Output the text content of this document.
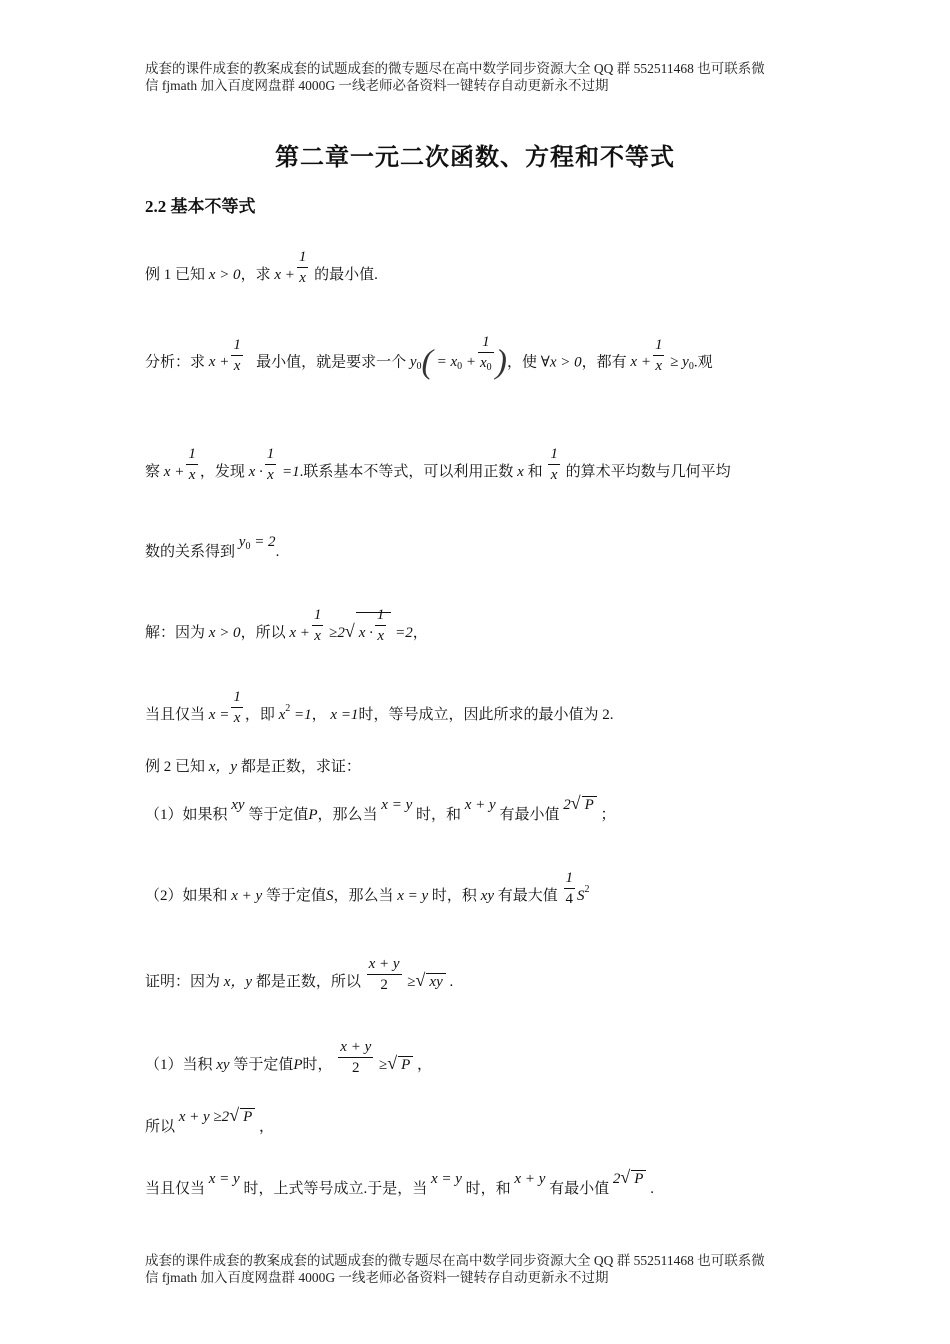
成套的课件成套的教案成套的试题成套的微专题尽在高中数学同步资源大全 QQ 群 552511468 也可联系微
信 fjmath 加入百度网盘群 4000G 一线老师必备资料一键转存自动更新永不过期
第二章一元二次函数、方程和不等式
2.2 基本不等式
例 1 已知 x > 0，求 $x + \frac{1}{x}$ 的最小值.
分析：求 $x + \frac{1}{x}$ 最小值，就是要求一个 $y_0( = x_0 + \frac{1}{x_0}$ )，使 ∀x > 0，都有 $x + \frac{1}{x} \ge y_0$.观
察 $x + \frac{1}{x}$ ，发现 $x \cdot \frac{1}{x} =1$.联系基本不等式，可以利用正数 x 和 $\frac{1}{x}$ 的算术平均数与几何平均
数的关系得到 $y_0 = 2$.
解：因为 x > 0，所以 $x + \frac{1}{x} \ge 2√$ $x \cdot \frac{1}{x} =2$，
当且仅当 $x = \frac{1}{x}$ ，即 $x^2 =1$， x =1时，等号成立，因此所求的最小值为 2.
例 2 已知 x，y 都是正数，求证：
（1）如果积 xy 等于定值P，那么当 x = y 时，和 x + y 有最小值 2√ P ；
（2）如果和 x + y 等于定值S，那么当 x = y 时，积 xy 有最大值 $\frac{1}{4} S^2$
证明：因为 x，y 都是正数，所以 $\frac{x + y}{2}$ ≥√ xy .
（1）当积 xy 等于定值P时， $\frac{x + y}{2}$ ≥√ P ，
所以 x + y ≥2√ P ，
当且仅当 x = y 时，上式等号成立.于是，当 x = y 时，和 x + y 有最小值 2√ P .
成套的课件成套的教案成套的试题成套的微专题尽在高中数学同步资源大全 QQ 群 552511468 也可联系微
信 fjmath 加入百度网盘群 4000G 一线老师必备资料一键转存自动更新永不过期
